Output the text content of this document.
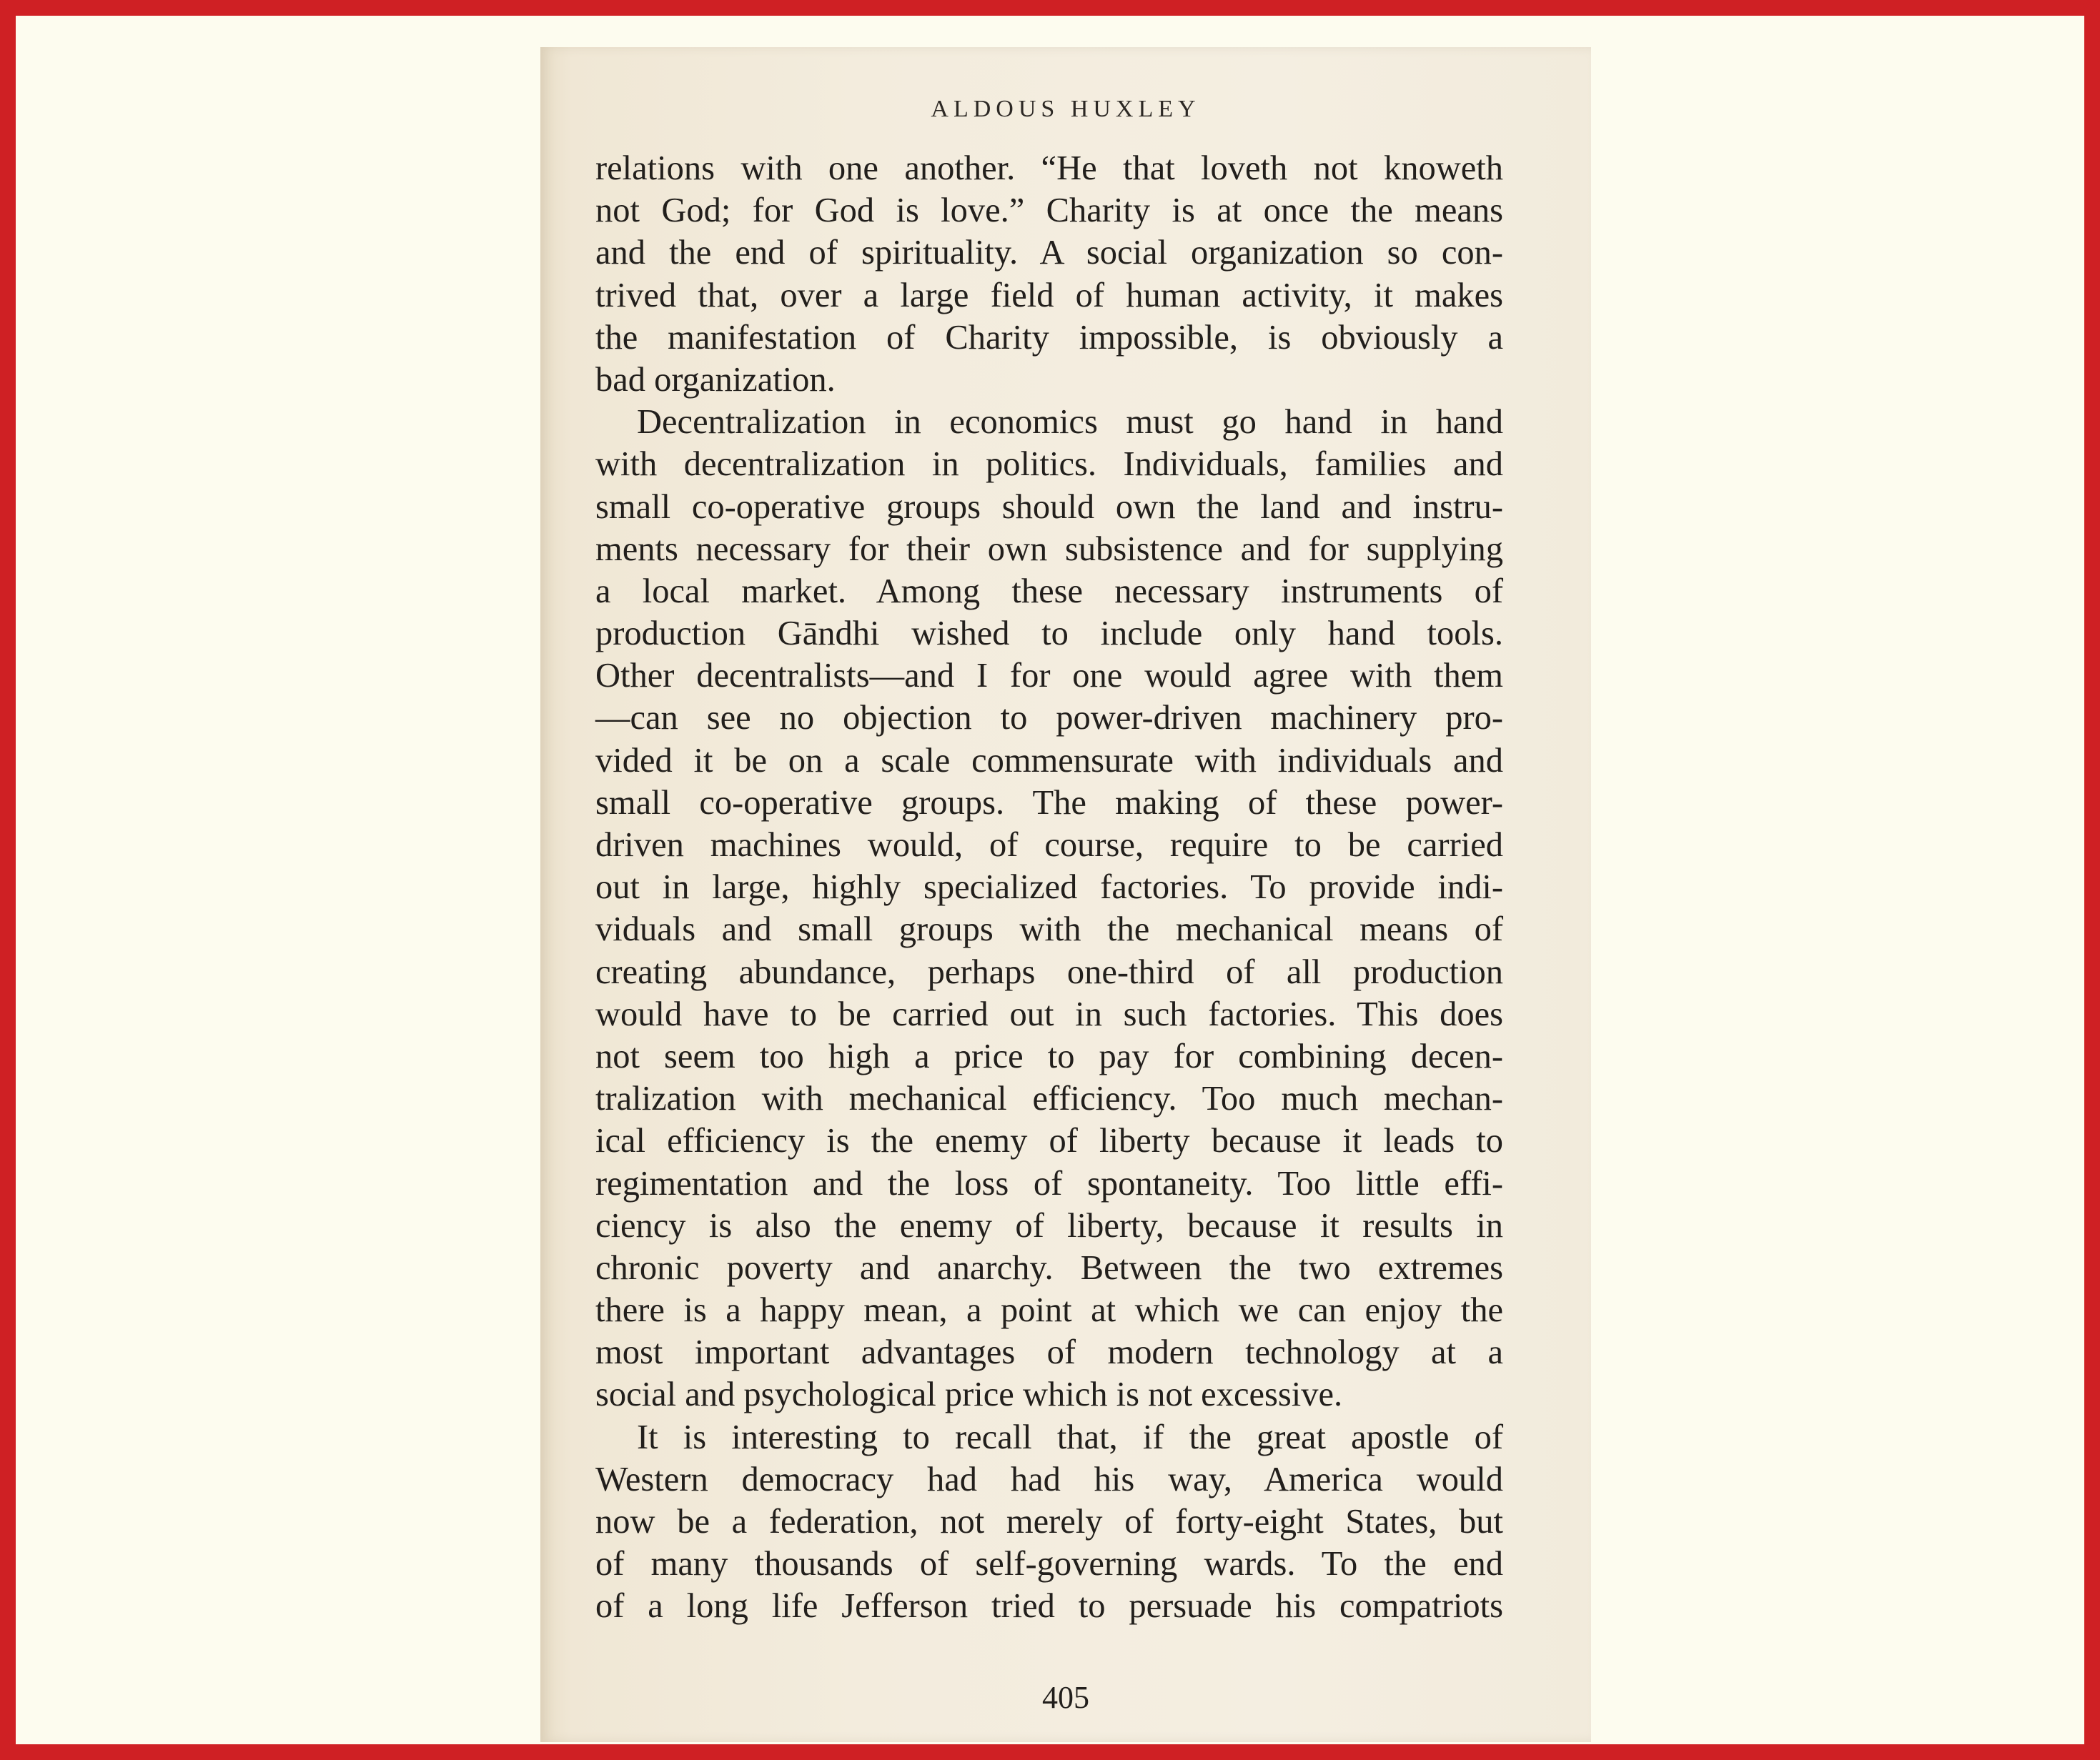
ALDOUS HUXLEY
relations with one another. “He that loveth not knoweth
not God; for God is love.” Charity is at once the means
and the end of spirituality. A social organization so con-
trived that, over a large field of human activity, it makes
the manifestation of Charity impossible, is obviously a
bad organization.
Decentralization in economics must go hand in hand
with decentralization in politics. Individuals, families and
small co-operative groups should own the land and instru-
ments necessary for their own subsistence and for supplying
a local market. Among these necessary instruments of
production Gāndhi wished to include only hand tools.
Other decentralists—and I for one would agree with them
—can see no objection to power-driven machinery pro-
vided it be on a scale commensurate with individuals and
small co-operative groups. The making of these power-
driven machines would, of course, require to be carried
out in large, highly specialized factories. To provide indi-
viduals and small groups with the mechanical means of
creating abundance, perhaps one-third of all production
would have to be carried out in such factories. This does
not seem too high a price to pay for combining decen-
tralization with mechanical efficiency. Too much mechan-
ical efficiency is the enemy of liberty because it leads to
regimentation and the loss of spontaneity. Too little effi-
ciency is also the enemy of liberty, because it results in
chronic poverty and anarchy. Between the two extremes
there is a happy mean, a point at which we can enjoy the
most important advantages of modern technology at a
social and psychological price which is not excessive.
It is interesting to recall that, if the great apostle of
Western democracy had had his way, America would
now be a federation, not merely of forty-eight States, but
of many thousands of self-governing wards. To the end
of a long life Jefferson tried to persuade his compatriots
405
